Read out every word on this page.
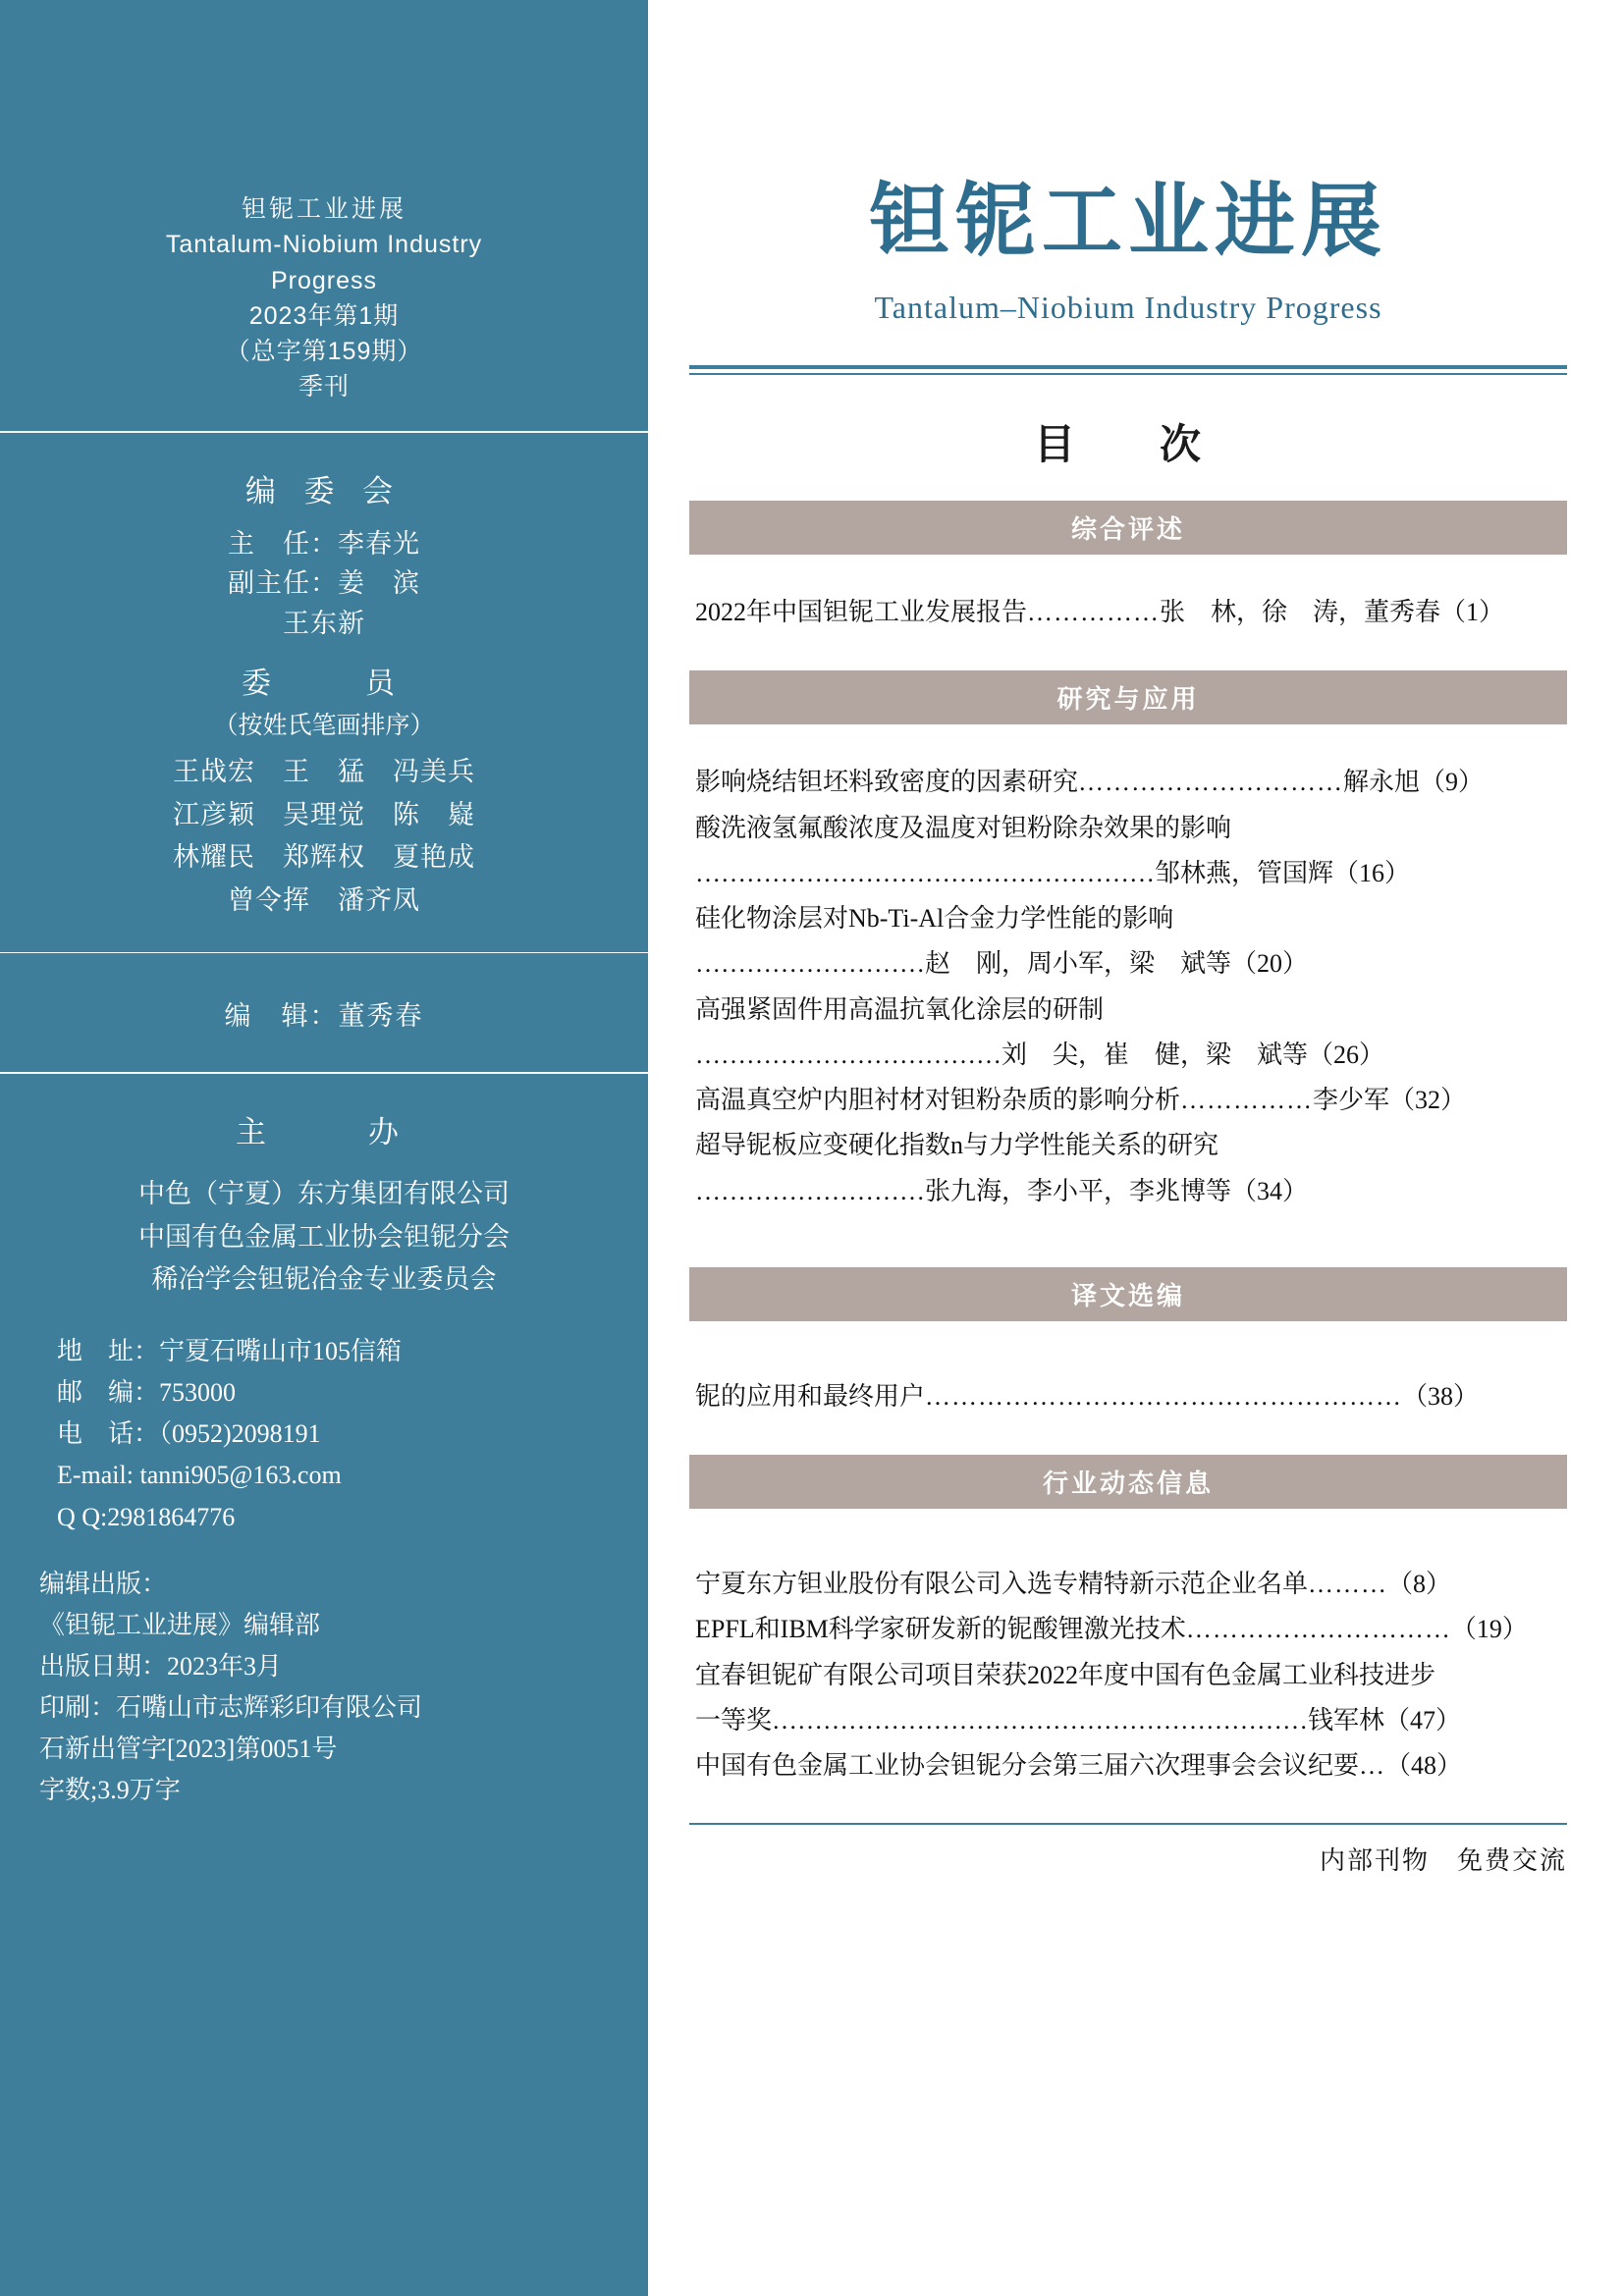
钽铌工业进展
Tantalum-Niobium Industry
Progress
2023年第1期
（总字第159期）
季刊
编 委 会
主　任：李春光
副主任：姜　滨
王东新
委　　员
（按姓氏笔画排序）
王战宏　王　猛　冯美兵
江彦颖　吴理觉　陈　嶷
林耀民　郑辉权　夏艳成
曾令挥　潘齐凤
编　辑：董秀春
主　　办
中色（宁夏）东方集团有限公司
中国有色金属工业协会钽铌分会
稀冶学会钽铌冶金专业委员会
地　址：宁夏石嘴山市105信箱
邮　编：753000
电　话：（0952)2098191
E-mail: tanni905@163.com
Q Q:2981864776
编辑出版：
《钽铌工业进展》编辑部
出版日期：2023年3月
印刷：石嘴山市志辉彩印有限公司
石新出管字[2023]第0051号
字数;3.9万字
钽铌工业进展
Tantalum–Niobium Industry Progress
目　次
综合评述
2022年中国钽铌工业发展报告……………张　林，徐　涛，董秀春（1）
研究与应用
影响烧结钽坯料致密度的因素研究…………………………解永旭（9）
酸洗液氢氟酸浓度及温度对钽粉除杂效果的影响
………………………………………………邹林燕，管国辉（16）
硅化物涂层对Nb-Ti-Al合金力学性能的影响
………………………赵　刚，周小军，梁　斌等（20）
高强紧固件用高温抗氧化涂层的研制
………………………………刘　尖，崔　健，梁　斌等（26）
高温真空炉内胆衬材对钽粉杂质的影响分析……………李少军（32）
超导铌板应变硬化指数n与力学性能关系的研究
………………………张九海，李小平，李兆博等（34）
译文选编
铌的应用和最终用户………………………………………………（38）
行业动态信息
宁夏东方钽业股份有限公司入选专精特新示范企业名单………（8）
EPFL和IBM科学家研发新的铌酸锂激光技术…………………………（19）
宜春钽铌矿有限公司项目荣获2022年度中国有色金属工业科技进步
一等奖………………………………………………………钱军林（47）
中国有色金属工业协会钽铌分会第三届六次理事会会议纪要…（48）
内部刊物　免费交流
